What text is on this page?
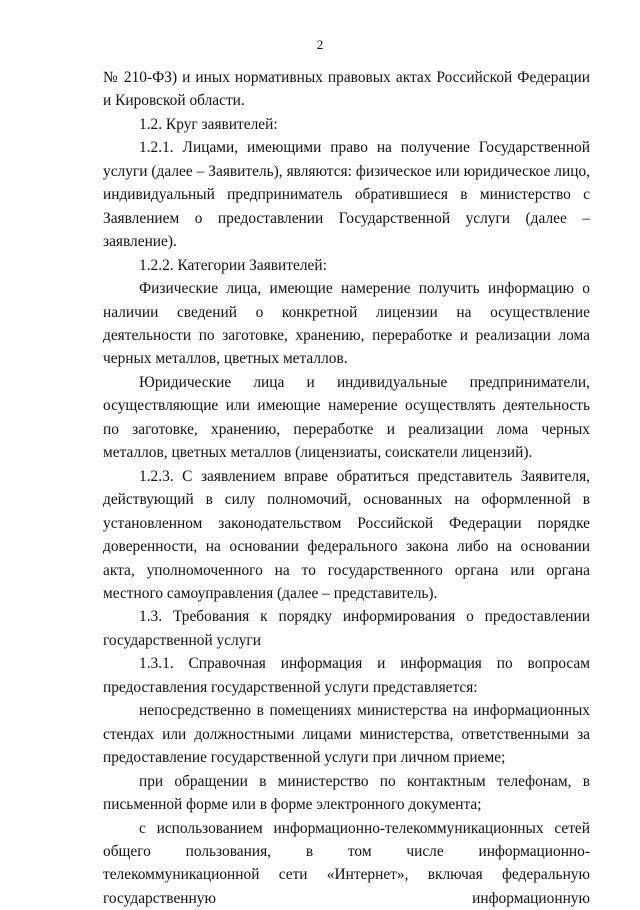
2

№ 210-ФЗ) и иных нормативных правовых актах Российской Федерации и Кировской области.

1.2. Круг заявителей:

1.2.1. Лицами, имеющими право на получение Государственной услуги (далее – Заявитель), являются: физическое или юридическое лицо, индивидуальный предприниматель обратившиеся в министерство с Заявлением о предоставлении Государственной услуги (далее – заявление).

1.2.2. Категории Заявителей:

Физические лица, имеющие намерение получить информацию о наличии сведений о конкретной лицензии на осуществление деятельности по заготовке, хранению, переработке и реализации лома черных металлов, цветных металлов.

Юридические лица и индивидуальные предприниматели, осуществляющие или имеющие намерение осуществлять деятельность по заготовке, хранению, переработке и реализации лома черных металлов, цветных металлов (лицензиаты, соискатели лицензий).

1.2.3. С заявлением вправе обратиться представитель Заявителя, действующий в силу полномочий, основанных на оформленной в установленном законодательством Российской Федерации порядке доверенности, на основании федерального закона либо на основании акта, уполномоченного на то государственного органа или органа местного самоуправления (далее – представитель).

1.3. Требования к порядку информирования о предоставлении государственной услуги

1.3.1. Справочная информация и информация по вопросам предоставления государственной услуги представляется:

непосредственно в помещениях министерства на информационных стендах или должностными лицами министерства, ответственными за предоставление государственной услуги при личном приеме;

при обращении в министерство по контактным телефонам, в письменной форме или в форме электронного документа;

с использованием информационно-телекоммуникационных сетей общего пользования, в том числе информационно-телекоммуникационной сети «Интернет», включая федеральную государственную информационную
